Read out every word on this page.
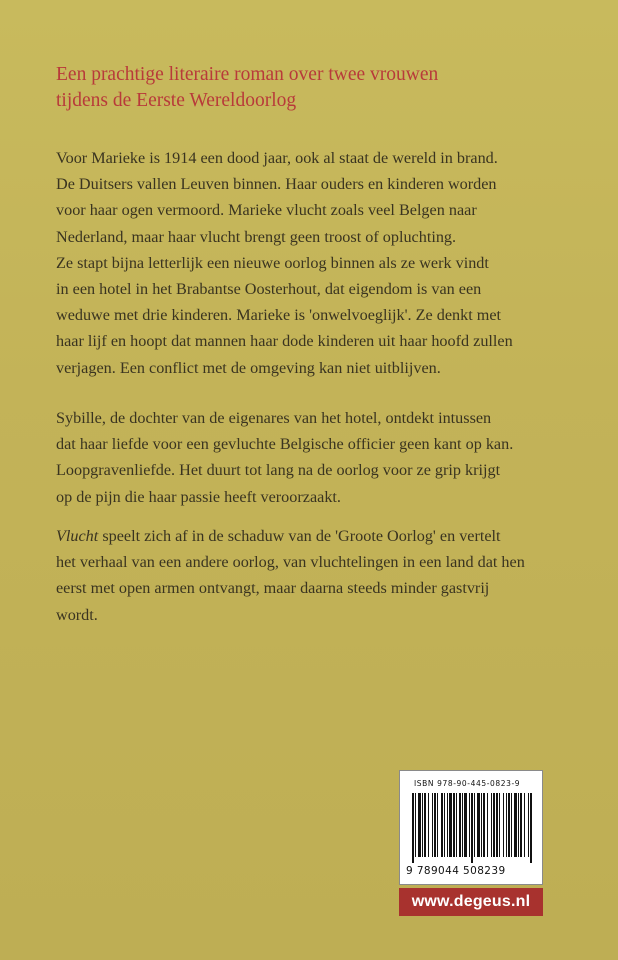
Een prachtige literaire roman over twee vrouwen
tijdens de Eerste Wereldoorlog

Voor Marieke is 1914 een dood jaar, ook al staat de wereld in brand.
De Duitsers vallen Leuven binnen. Haar ouders en kinderen worden
voor haar ogen vermoord. Marieke vlucht zoals veel Belgen naar
Nederland, maar haar vlucht brengt geen troost of opluchting.
Ze stapt bijna letterlijk een nieuwe oorlog binnen als ze werk vindt
in een hotel in het Brabantse Oosterhout, dat eigendom is van een
weduwe met drie kinderen. Marieke is 'onwelvoeglijk'. Ze denkt met
haar lijf en hoopt dat mannen haar dode kinderen uit haar hoofd zullen
verjagen. Een conflict met de omgeving kan niet uitblijven.

Sybille, de dochter van de eigenares van het hotel, ontdekt intussen
dat haar liefde voor een gevluchte Belgische officier geen kant op kan.
Loopgravenliefde. Het duurt tot lang na de oorlog voor ze grip krijgt
op de pijn die haar passie heeft veroorzaakt.

Vlucht speelt zich af in de schaduw van de 'Groote Oorlog' en vertelt
het verhaal van een andere oorlog, van vluchtelingen in een land dat hen
eerst met open armen ontvangt, maar daarna steeds minder gastvrij
wordt.

ISBN 978-90-445-0823-9
9 789044 508239
www.degeus.nl
